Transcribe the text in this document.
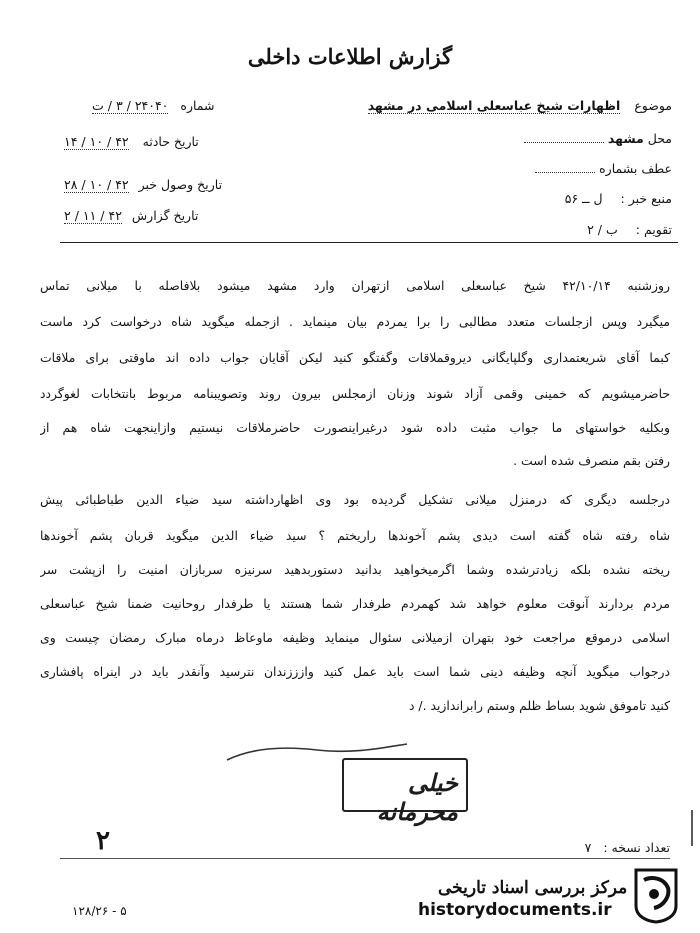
گزارش اطلاعات داخلی
موضوع  اظهارات شیخ عباسعلی اسلامی در مشهد
محل مشهد
عطف بشماره
منبع خبر : ل ــ ۵۶
تقویم : ب / ۲
شماره ۲۴۰۴۰ / ۳ / ت
تاریخ حادثه ۴۲ / ۱۰ / ۱۴
تاریخ وصول خبر ۴۲ / ۱۰ / ۲۸
تاریخ گزارش ۴۲ / ۱۱ / ۲
روزشنبه ۴۲/۱۰/۱۴ شیخ عباسعلی اسلامی ازتهران وارد مشهد میشود بلافاصله با میلانی تماس
میگیرد وپس ازجلسات متعدد مطالبی را برا یمردم بیان مینماید . ازجمله میگوید شاه درخواست کرد ماست
کبما آقای شریعتمداری وگلپایگانی دیروقملاقات وگفتگو کنید لیکن آقایان جواب داده اند ماوقتی برای ملاقات
حاضرمیشویم که خمینی وقمی آزاد شوند وزنان ازمجلس بیرون روند وتصویبنامه مربوط بانتخابات لغوگردد
وبکلیه خواستهای ما جواب مثبت داده شود درغیراینصورت حاضرملاقات نیستیم وازاینجهت شاه هم از
رفتن بقم منصرف شده است .
درجلسه دیگری که درمنزل میلانی تشکیل گردیده بود وی اظهارداشته سید ضیاء الدین طباطبائی پیش
شاه رفته شاه گفته است دیدی پشم آخوندها راریختم ؟ سید ضیاء الدین میگوید قربان پشم آخوندها
ریخته نشده بلکه زیادترشده وشما اگرمیخواهید بدانید دستوربدهید سرنیزه سربازان امنیت را ازپشت سر
مردم بردارند آنوقت معلوم خواهد شد کهمردم طرفدار شما هستند یا طرفدار روحانیت ضمنا شیخ عباسعلی
اسلامی درموقع مراجعت خود بتهران ازمیلانی سئوال مینماید وظیفه ماوعاظ درماه مبارک رمضان چیست وی
درجواب میگوید آنچه وظیفه دینی شما است باید عمل کنید وازززندان نترسید وآنقدر باید در اینراه پافشاری
کنید تاموفق شوید بساط ظلم وستم رابراندازید ./ د
خیلی محرمانه
تعداد نسخه : ۷
۲
۱۲۸/۲۶ - ۵
مرکز بررسی اسناد تاریخی
historydocuments.ir
